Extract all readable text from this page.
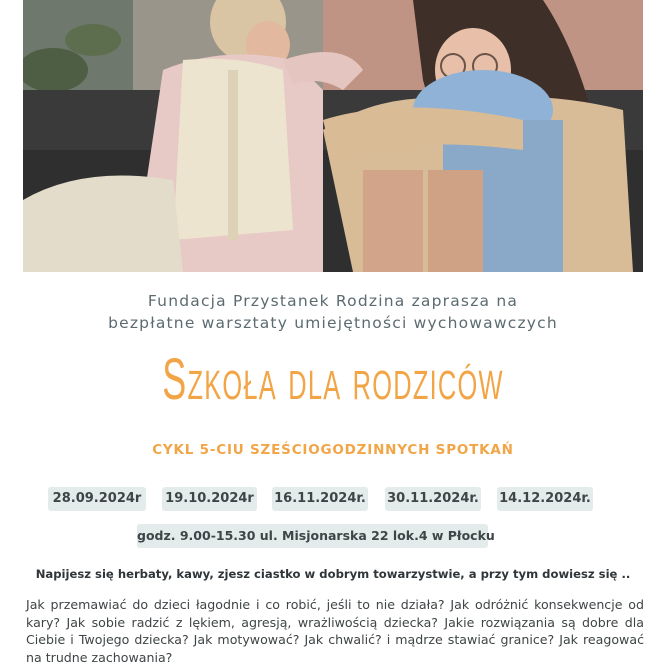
Fundacja Przystanek Rodzina zaprasza na
bezpłatne warsztaty umiejętności wychowawczych
Szkoła dla rodziców
CYKL 5-CIU SZEŚCIOGODZINNYCH SPOTKAŃ
28.09.2024r	19.10.2024r 16.11.2024r. 30.11.2024r. 14.12.2024r.
godz. 9.00-15.30 ul. Misjonarska 22 lok.4 w Płocku
Napijesz się herbaty, kawy, zjesz ciastko w dobrym towarzystwie, a przy tym dowiesz się ..
Jak przemawiać do dzieci łagodnie i co robić, jeśli to nie działa? Jak odróżnić konsekwencje od kary? Jak sobie radzić z lękiem, agresją, wrażliwością dziecka? Jakie rozwiązania są dobre dla Ciebie i Twojego dziecka? Jak motywować? Jak chwalić? i mądrze stawiać granice? Jak reagować na trudne zachowania?
